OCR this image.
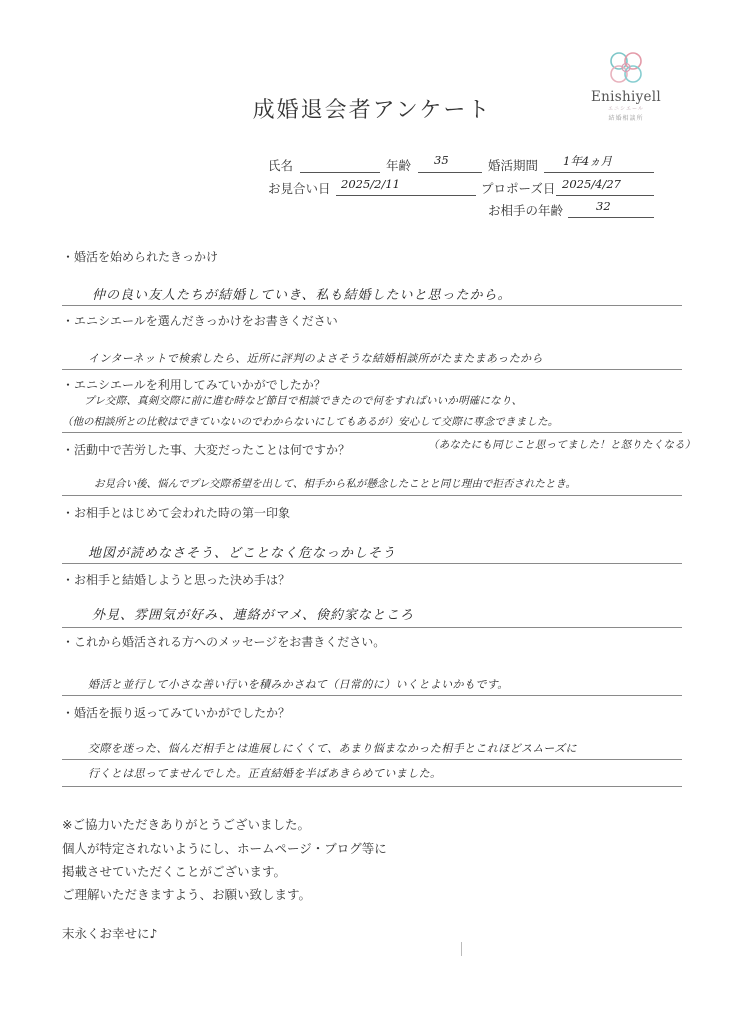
Enishiyell
エニシエール
結婚相談所
成婚退会者アンケート
氏名	年齢 35	婚活期間 1年4ヵ月
お見合い日 2025/2/11	プロポーズ日 2025/4/27
お相手の年齢	32
・婚活を始められたきっかけ
仲の良い友人たちが結婚していき、私も結婚したいと思ったから。
・エニシエールを選んだきっかけをお書きください
インターネットで検索したら、近所に評判のよさそうな結婚相談所がたまたまあったから
・エニシエールを利用してみていかがでしたか？
プレ交際、真剣交際に前に進む時など節目で相談できたので何をすればいいか明確になり、
（他の相談所との比較はできていないのでわからないにしてもあるが） 安心して交際に専念できました。
・活動中で苦労した事、大変だったことは何ですか？	（あなたにも同じこと思ってました！と怒りたくなる）
お見合い後、悩んでプレ交際希望を出して、相手から私が懸念したことと同じ理由で拒否されたとき。
・お相手とはじめて会われた時の第一印象
地図が読めなさそう、どことなく危なっかしそう
・お相手と結婚しようと思った決め手は？
外見、雰囲気が好み、連絡がマメ、倹約家なところ
・これから婚活される方へのメッセージをお書きください。
婚活と並行して小さな善い行いを積みかさねて（日常的に）いくとよいかもです。
・婚活を振り返ってみていかがでしたか？
交際を迷った、悩んだ相手とは進展しにくくて、あまり悩まなかった相手とこれほどスムーズに
行くとは思ってませんでした。正直結婚を半ばあきらめていました。
※ご協力いただきありがとうございました。
個人が特定されないようにし、ホームページ・ブログ等に
掲載させていただくことがございます。
ご理解いただきますよう、お願い致します。
末永くお幸せに♪
